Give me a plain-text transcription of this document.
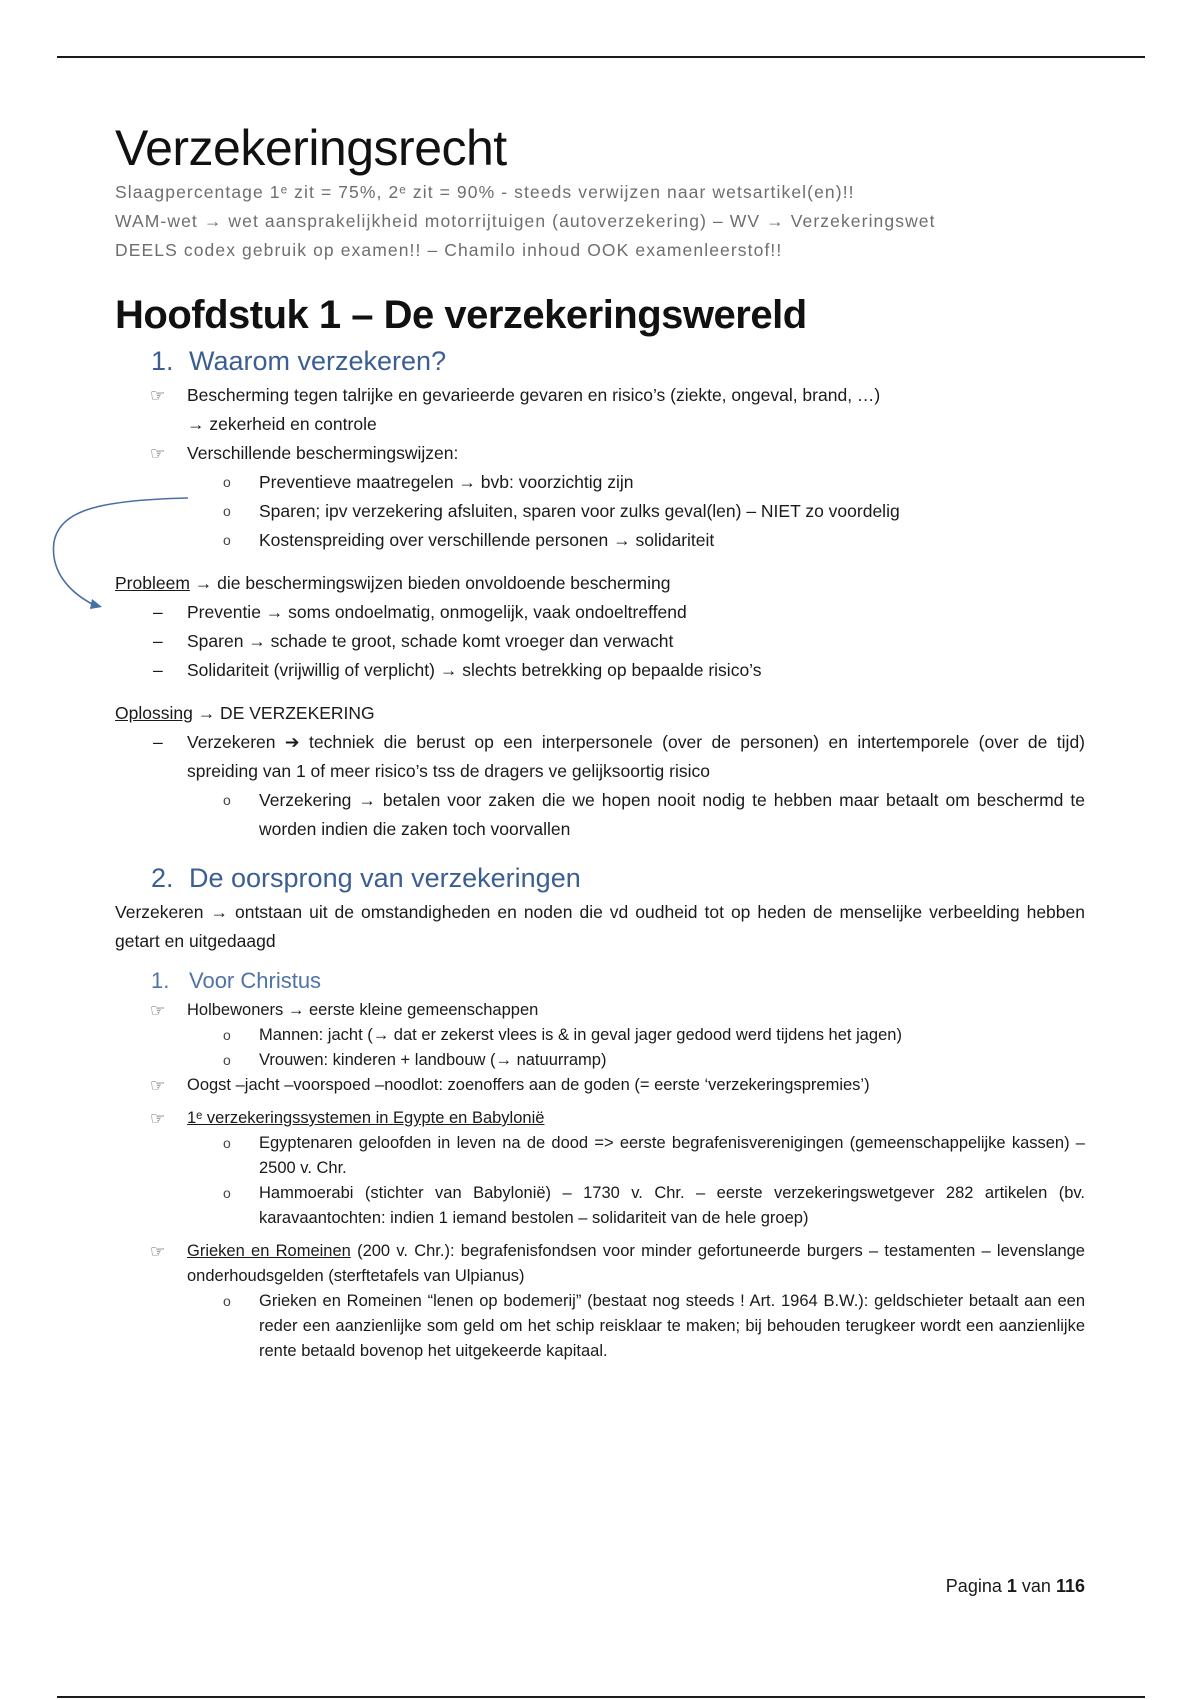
Verzekeringsrecht
Slaagpercentage 1ᵉ zit = 75%, 2ᵉ zit = 90% - steeds verwijzen naar wetsartikel(en)!!
WAM-wet → wet aansprakelijkheid motorrijtuigen (autoverzekering) – WV → Verzekeringswet
DEELS codex gebruik op examen!! – Chamilo inhoud OOK examenleerstof!!
Hoofdstuk 1 – De verzekeringswereld
1. Waarom verzekeren?
☞ Bescherming tegen talrijke en gevarieerde gevaren en risico’s (ziekte, ongeval, brand, …)
→ zekerheid en controle
☞ Verschillende beschermingswijzen:
o Preventieve maatregelen → bvb: voorzichtig zijn
o Sparen; ipv verzekering afsluiten, sparen voor zulks geval(len) – NIET zo voordelig
o Kostenspreiding over verschillende personen → solidariteit
Probleem → die beschermingswijzen bieden onvoldoende bescherming
– Preventie → soms ondoelmatig, onmogelijk, vaak ondoeltreffend
– Sparen → schade te groot, schade komt vroeger dan verwacht
– Solidariteit (vrijwillig of verplicht) → slechts betrekking op bepaalde risico’s
Oplossing → DE VERZEKERING
– Verzekeren ➔ techniek die berust op een interpersonele (over de personen) en intertemporele (over de tijd) spreiding van 1 of meer risico’s tss de dragers ve gelijksoortig risico
o Verzekering → betalen voor zaken die we hopen nooit nodig te hebben maar betaalt om beschermd te worden indien die zaken toch voorvallen
2. De oorsprong van verzekeringen
Verzekeren → ontstaan uit de omstandigheden en noden die vd oudheid tot op heden de menselijke verbeelding hebben getart en uitgedaagd
1. Voor Christus
☞ Holbewoners → eerste kleine gemeenschappen
o Mannen: jacht (→ dat er zekerst vlees is & in geval jager gedood werd tijdens het jagen)
o Vrouwen: kinderen + landbouw (→ natuurramp)
☞ Oogst –jacht –voorspoed –noodlot: zoenoffers aan de goden (= eerste ‘verzekeringspremies’)
☞ 1ᵉ verzekeringssystemen in Egypte en Babylonië
o Egyptenaren geloofden in leven na de dood => eerste begrafenisverenigingen (gemeenschappelijke kassen) – 2500 v. Chr.
o Hammoerabi (stichter van Babylonië) – 1730 v. Chr. – eerste verzekeringswetgever 282 artikelen (bv. karavaantochten: indien 1 iemand bestolen – solidariteit van de hele groep)
☞ Grieken en Romeinen (200 v. Chr.): begrafenisfondsen voor minder gefortuneerde burgers – testamenten – levenslange onderhoudsgelden (sterftetafels van Ulpianus)
o Grieken en Romeinen “lenen op bodemerij” (bestaat nog steeds ! Art. 1964 B.W.): geldschieter betaalt aan een reder een aanzienlijke som geld om het schip reisklaar te maken; bij behouden terugkeer wordt een aanzienlijke rente betaald bovenop het uitgekeerde kapitaal.
Pagina 1 van 116
